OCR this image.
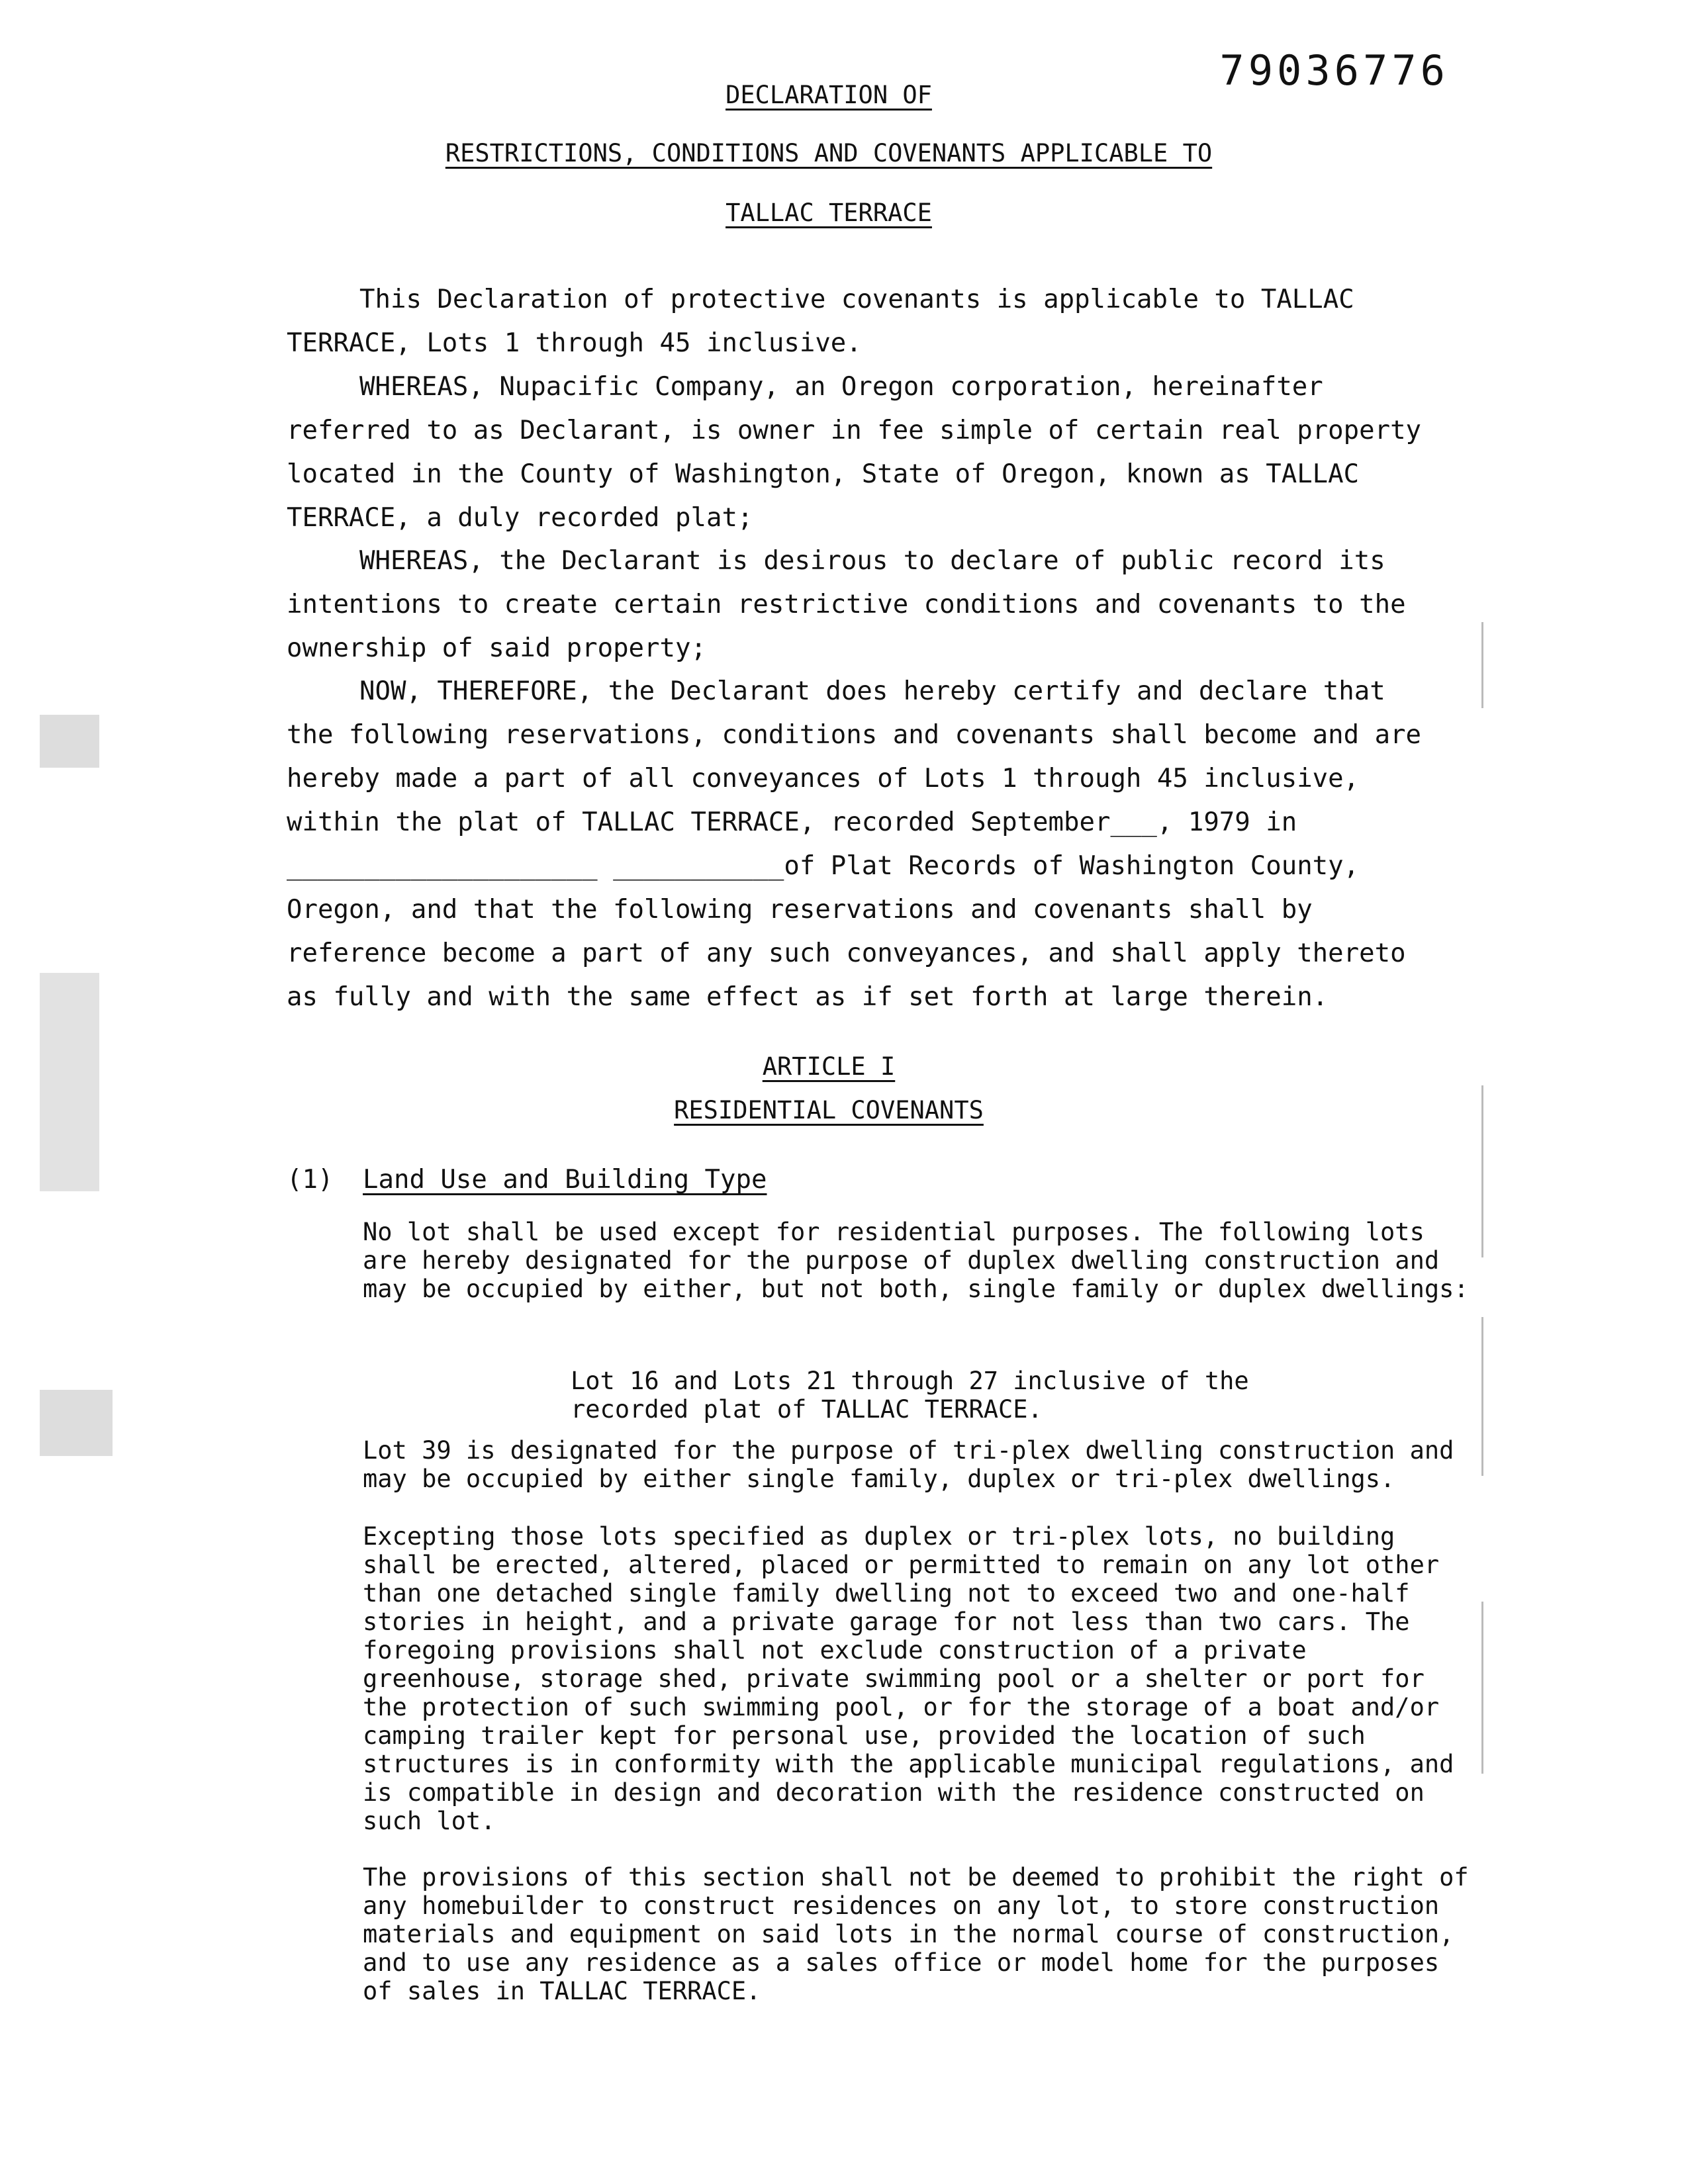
79036776
DECLARATION OF
RESTRICTIONS, CONDITIONS AND COVENANTS APPLICABLE TO
TALLAC TERRACE
This Declaration of protective covenants is applicable to TALLAC TERRACE, Lots 1 through 45 inclusive.
WHEREAS, Nupacific Company, an Oregon corporation, hereinafter referred to as Declarant, is owner in fee simple of certain real property located in the County of Washington, State of Oregon, known as TALLAC TERRACE, a duly recorded plat;
WHEREAS, the Declarant is desirous to declare of public record its intentions to create certain restrictive conditions and covenants to the ownership of said property;
NOW, THEREFORE, the Declarant does hereby certify and declare that the following reservations, conditions and covenants shall become and are hereby made a part of all conveyances of Lots 1 through 45 inclusive, within the plat of TALLAC TERRACE, recorded September___, 1979 in ____________________ ___________of Plat Records of Washington County, Oregon, and that the following reservations and covenants shall by reference become a part of any such conveyances, and shall apply thereto as fully and with the same effect as if set forth at large therein.
ARTICLE I
RESIDENTIAL COVENANTS
(1) Land Use and Building Type
No lot shall be used except for residential purposes. The following lots are hereby designated for the purpose of duplex dwelling construction and may be occupied by either, but not both, single family or duplex dwellings:
Lot 16 and Lots 21 through 27 inclusive of the recorded plat of TALLAC TERRACE.
Lot 39 is designated for the purpose of tri-plex dwelling construction and may be occupied by either single family, duplex or tri-plex dwellings.
Excepting those lots specified as duplex or tri-plex lots, no building shall be erected, altered, placed or permitted to remain on any lot other than one detached single family dwelling not to exceed two and one-half stories in height, and a private garage for not less than two cars. The foregoing provisions shall not exclude construction of a private greenhouse, storage shed, private swimming pool or a shelter or port for the protection of such swimming pool, or for the storage of a boat and/or camping trailer kept for personal use, provided the location of such structures is in conformity with the applicable municipal regulations, and is compatible in design and decoration with the residence constructed on such lot.
The provisions of this section shall not be deemed to prohibit the right of any homebuilder to construct residences on any lot, to store construction materials and equipment on said lots in the normal course of construction, and to use any residence as a sales office or model home for the purposes of sales in TALLAC TERRACE.
